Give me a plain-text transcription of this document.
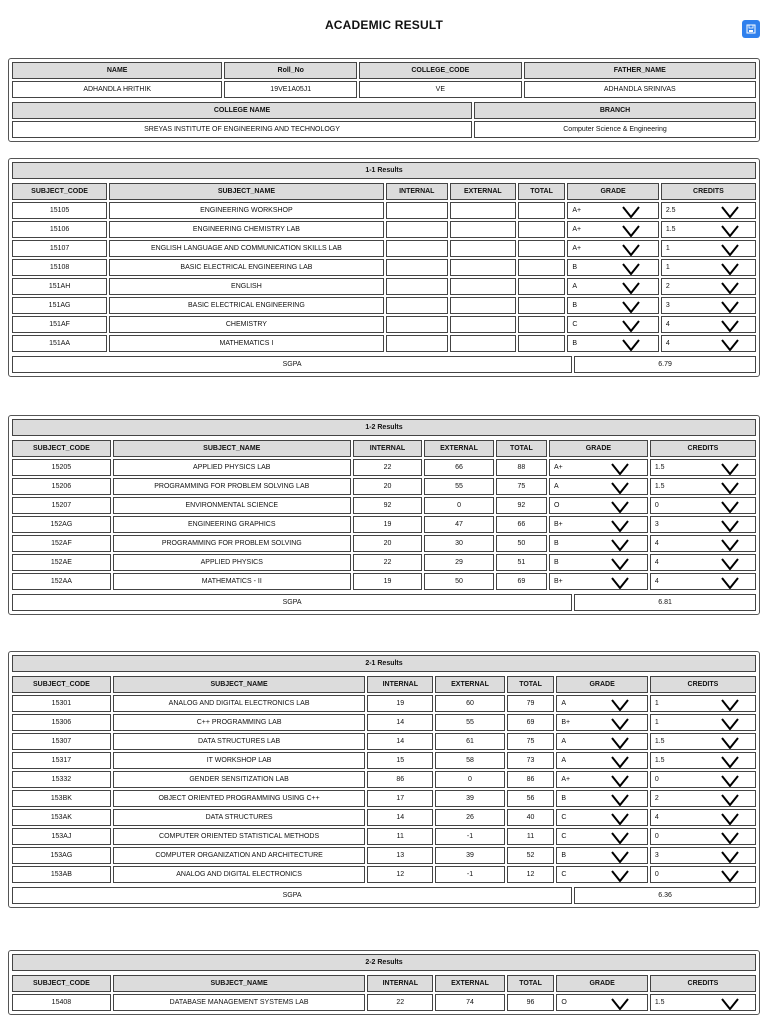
ACADEMIC RESULT
NAME	Roll_No	COLLEGE_CODE	FATHER_NAME
ADHANDLA HRITHIK	19VE1A05J1	VE	ADHANDLA SRINIVAS
COLLEGE NAME	BRANCH
SREYAS INSTITUTE OF ENGINEERING AND TECHNOLOGY	Computer Science & Engineering
1-1 Results
SUBJECT_CODE	SUBJECT_NAME	INTERNAL	EXTERNAL	TOTAL	GRADE	CREDITS
15105	ENGINEERING WORKSHOP				A+	2.5

15106	ENGINEERING CHEMISTRY LAB				A+	1.5

15107	ENGLISH LANGUAGE AND COMMUNICATION SKILLS LAB				A+	1

15108	BASIC ELECTRICAL ENGINEERING LAB				B	1

151AH	ENGLISH				A	2

151AG	BASIC ELECTRICAL ENGINEERING				B	3

151AF	CHEMISTRY				C	4

151AA	MATHEMATICS I				B	4
SGPA	6.79
1-2 Results
SUBJECT_CODE	SUBJECT_NAME	INTERNAL	EXTERNAL	TOTAL	GRADE	CREDITS
15205	APPLIED PHYSICS LAB	22	66	88	A+	1.5

15206	PROGRAMMING FOR PROBLEM SOLVING LAB	20	55	75	A	1.5

15207	ENVIRONMENTAL SCIENCE	92	0	92	O	0

152AG	ENGINEERING GRAPHICS	19	47	66	B+	3

152AF	PROGRAMMING FOR PROBLEM SOLVING	20	30	50	B	4

152AE	APPLIED PHYSICS	22	29	51	B	4

152AA	MATHEMATICS - II	19	50	69	B+	4
SGPA	6.81
2-1 Results
SUBJECT_CODE	SUBJECT_NAME	INTERNAL	EXTERNAL	TOTAL	GRADE	CREDITS
15301	ANALOG AND DIGITAL ELECTRONICS LAB	19	60	79	A	1

15306	C++ PROGRAMMING LAB	14	55	69	B+	1

15307	DATA STRUCTURES LAB	14	61	75	A	1.5

15317	IT WORKSHOP LAB	15	58	73	A	1.5

15332	GENDER SENSITIZATION LAB	86	0	86	A+	0

153BK	OBJECT ORIENTED PROGRAMMING USING C++	17	39	56	B	2

153AK	DATA STRUCTURES	14	26	40	C	4

153AJ	COMPUTER ORIENTED STATISTICAL METHODS	11	-1	11	C	0

153AG	COMPUTER ORGANIZATION AND ARCHITECTURE	13	39	52	B	3

153AB	ANALOG AND DIGITAL ELECTRONICS	12	-1	12	C	0
SGPA	6.36
2-2 Results
SUBJECT_CODE	SUBJECT_NAME	INTERNAL	EXTERNAL	TOTAL	GRADE	CREDITS
15408	DATABASE MANAGEMENT SYSTEMS LAB	22	74	96	O	1.5
